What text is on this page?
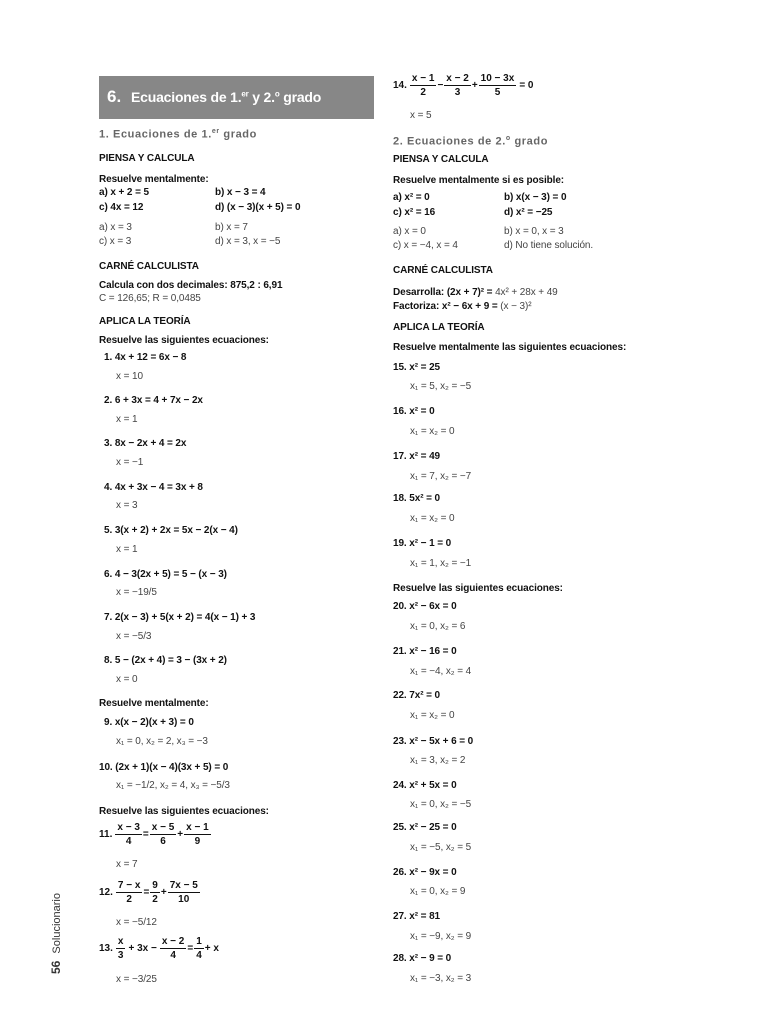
6. Ecuaciones de 1.$^{er}$ y 2.$^o$ grado
1. Ecuaciones de 1.$^{er}$ grado
PIENSA Y CALCULA
Resuelve mentalmente:
a) x + 2 = 5	b) x − 3 = 4
c) 4x = 12	d) (x − 3)(x + 5) = 0
a) x = 3	b) x = 7
c) x = 3	d) x = 3, x = −5
CARNÉ CALCULISTA
Calcula con dos decimales: 875,2 : 6,91
C = 126,65; R = 0,0485
APLICA LA TEORÍA
Resuelve las siguientes ecuaciones:
1. 4x + 12 = 6x − 8
x = 10
2. 6 + 3x = 4 + 7x − 2x
x = 1
3. 8x − 2x + 4 = 2x
x = −1
4. 4x + 3x − 4 = 3x + 8
x = 3
5. 3(x + 2) + 2x = 5x − 2(x − 4)
x = 1
6. 4 − 3(2x + 5) = 5 − (x − 3)
x = −19/5
7. 2(x − 3) + 5(x + 2) = 4(x − 1) + 3
x = −5/3
8. 5 − (2x + 4) = 3 − (3x + 2)
x = 0
Resuelve mentalmente:
9. x(x − 2)(x + 3) = 0
x₁ = 0, x₂ = 2, x₃ = −3
10. (2x + 1)(x − 4)(3x + 5) = 0
x₁ = −1/2, x₂ = 4, x₃ = −5/3
Resuelve las siguientes ecuaciones:
11. $\frac{x - 3}{4} = \frac{x - 5}{6} + \frac{x - 1}{9}$
x = 7
12. $\frac{7 - x}{2} = \frac{9}{2} + \frac{7x - 5}{10}$
x = −5/12
13. $\frac{x}{3} + 3x - \frac{x - 2}{4} = \frac{1}{4} + x$
x = −3/25
14. $\frac{x - 1}{2} - \frac{x - 2}{3} + \frac{10 - 3x}{5} = 0$
x = 5
2. Ecuaciones de 2.$^o$ grado
PIENSA Y CALCULA
Resuelve mentalmente si es posible:
a) x² = 0	b) x(x − 3) = 0
c) x² = 16	d) x² = −25
a) x = 0	b) x = 0, x = 3
c) x = −4, x = 4	d) No tiene solución.
CARNÉ CALCULISTA
Desarrolla: (2x + 7)² = 4x² + 28x + 49
Factoriza: x² − 6x + 9 = (x − 3)²
APLICA LA TEORÍA
Resuelve mentalmente las siguientes ecuaciones:
15. x² = 25
x₁ = 5, x₂ = −5
16. x² = 0
x₁ = x₂ = 0
17. x² = 49
x₁ = 7, x₂ = −7
18. 5x² = 0
x₁ = x₂ = 0
19. x² − 1 = 0
x₁ = 1, x₂ = −1
Resuelve las siguientes ecuaciones:
20. x² − 6x = 0
x₁ = 0, x₂ = 6
21. x² − 16 = 0
x₁ = −4, x₂ = 4
22. 7x² = 0
x₁ = x₂ = 0
23. x² − 5x + 6 = 0
x₁ = 3, x₂ = 2
24. x² + 5x = 0
x₁ = 0, x₂ = −5
25. x² − 25 = 0
x₁ = −5, x₂ = 5
26. x² − 9x = 0
x₁ = 0, x₂ = 9
27. x² = 81
x₁ = −9, x₂ = 9
28. x² − 9 = 0
x₁ = −3, x₂ = 3
56 Solucionario
